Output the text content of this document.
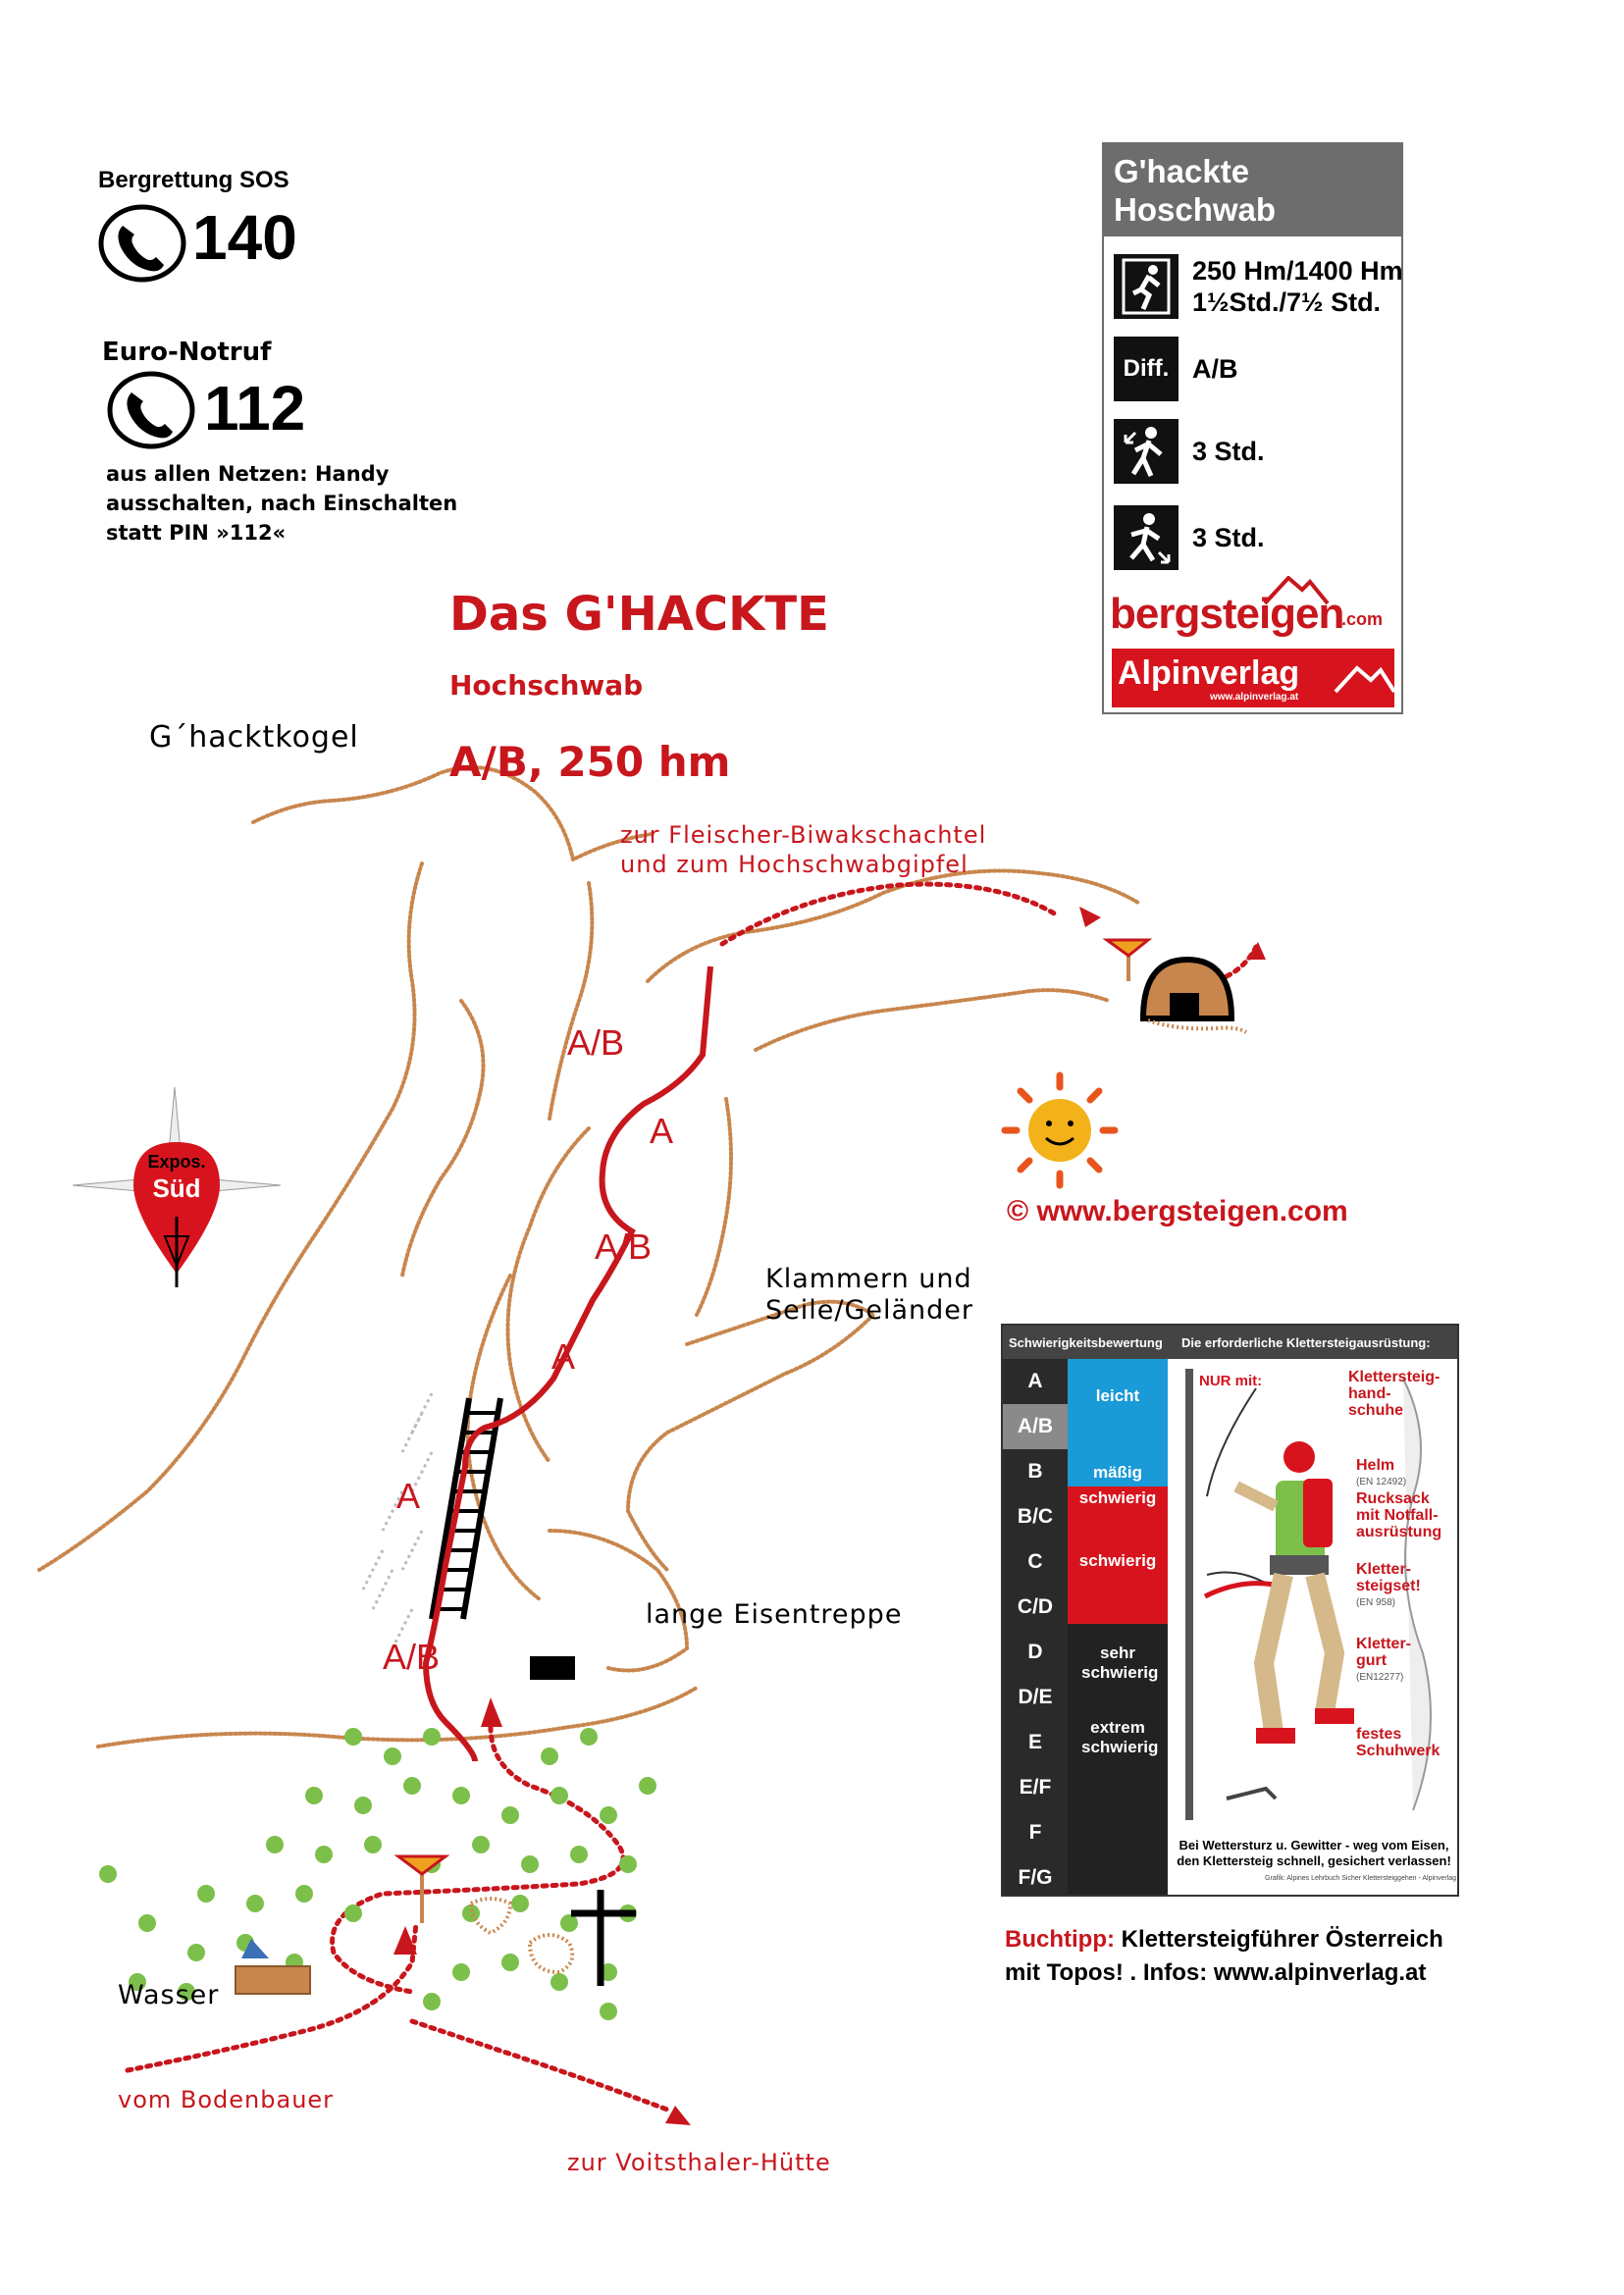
Bergrettung SOS
140
Euro-Notruf
112
aus allen Netzen: Handy
ausschalten, nach Einschalten
statt PIN »112«
G'hackte
Hoschwab
250 Hm/1400 Hm
1½Std./7½ Std.
Diff. A/B
3 Std.
3 Std.
bergsteigen
.com
Alpinverlag
www.alpinverlag.at
Expos.
Süd
Das G'HACKTE
Hochschwab
A/B, 250 hm
G´hacktkogel
zur Fleischer-Biwakschachtel
und zum Hochschwabgipfel
© www.bergsteigen.com
Klammern und
Seile/Geländer
lange Eisentreppe
Wasser
vom Bodenbauer
zur Voitsthaler-Hütte
A/B
A
A/B
A
A
A/B
Schwierigkeitsbewertung Die erforderliche Klettersteigausrüstung:
A
A/B
B
B/C
C
C/D
D
D/E
E
E/F
F
F/G
leicht
mäßig
schwierig
schwierig
sehr schwierig
extrem schwierig
NUR mit:	Klettersteig-
hand-
schuhe
Helm
(EN 12492)
Rucksack
mit Notfall-
ausrüstung
Kletter-
steigset!
(EN 958)
Kletter-
gurt
(EN12277)
festes
Schuhwerk
Bei Wettersturz u. Gewitter - weg vom Eisen,
den Klettersteig schnell, gesichert verlassen!
Grafik: Alpines Lehrbuch Sicher Klettersteiggehen - Alpinverlag
Buchtipp: Klettersteigführer Österreich
mit Topos! . Infos: www.alpinverlag.at
